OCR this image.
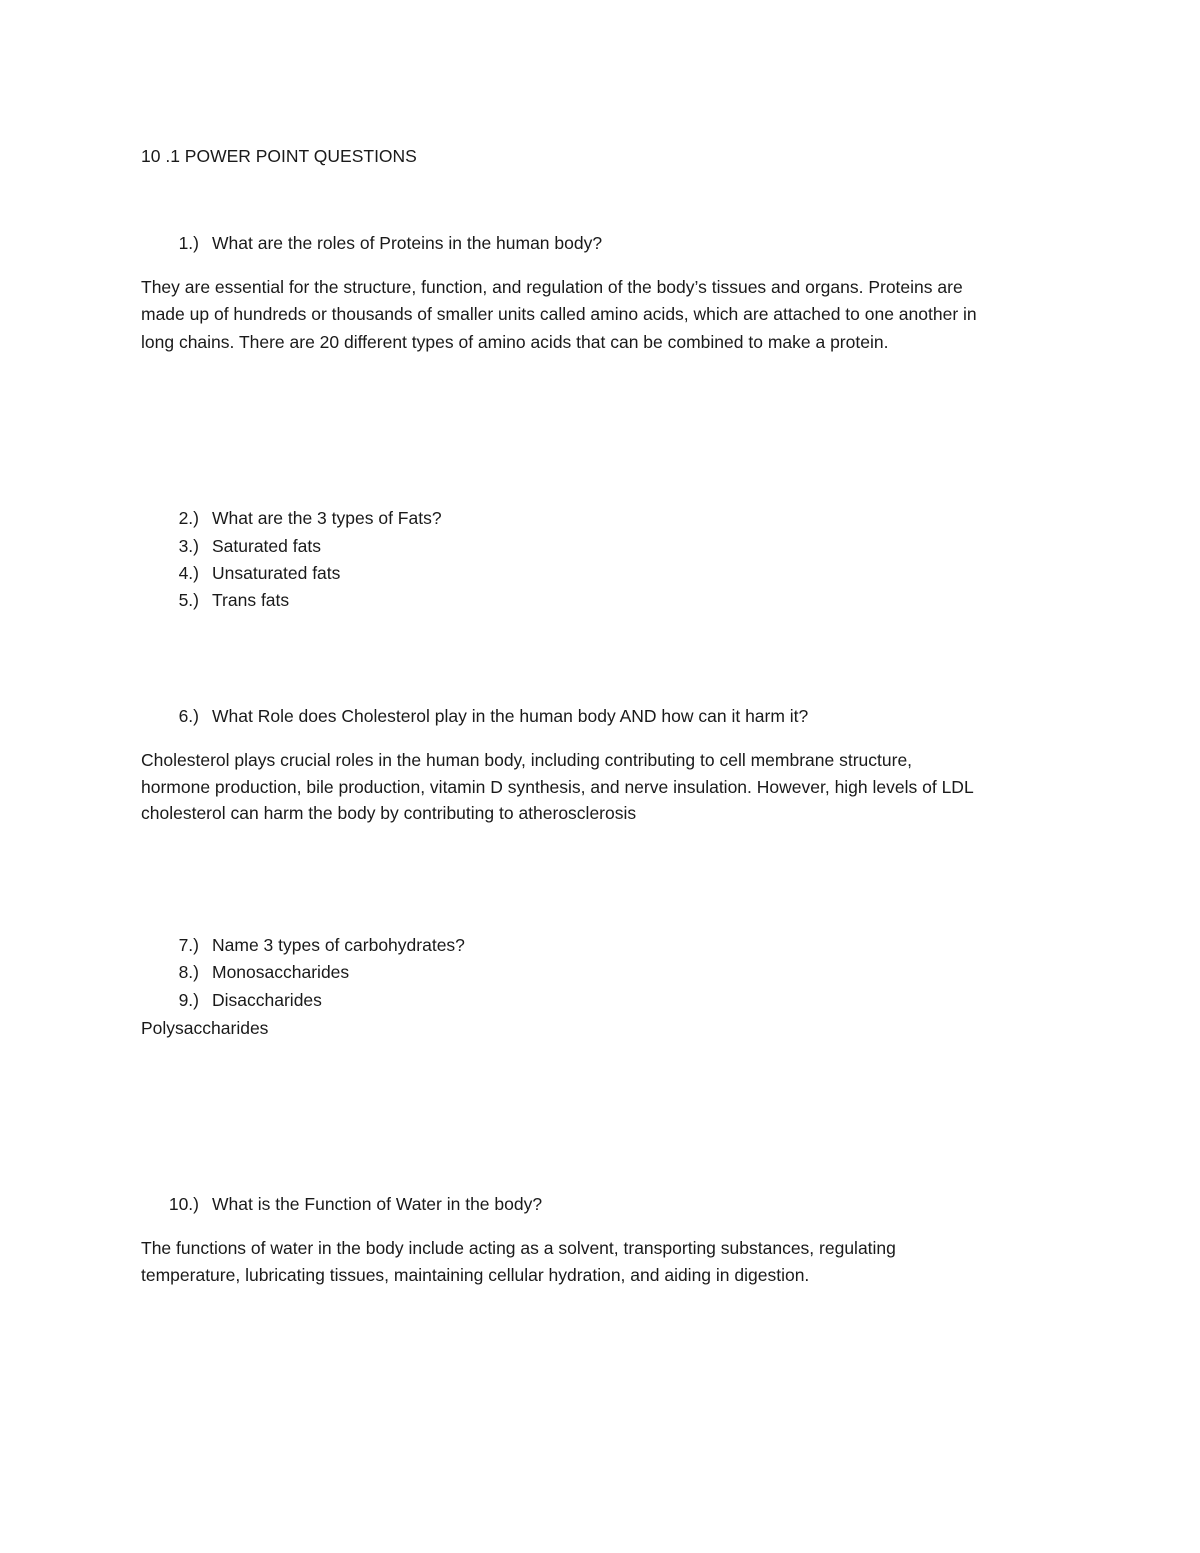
10 .1 POWER POINT QUESTIONS
1.) What are the roles of Proteins in the human body?
They are essential for the structure, function, and regulation of the body’s tissues and organs. Proteins are
made up of hundreds or thousands of smaller units called amino acids, which are attached to one another in
long chains. There are 20 different types of amino acids that can be combined to make a protein.
2.) What are the 3 types of Fats?
3.) Saturated fats
4.) Unsaturated fats
5.) Trans fats
6.) What Role does Cholesterol play in the human body AND how can it harm it?
Cholesterol plays crucial roles in the human body, including contributing to cell membrane structure,
hormone production, bile production, vitamin D synthesis, and nerve insulation. However, high levels of LDL
cholesterol can harm the body by contributing to atherosclerosis
7.) Name 3 types of carbohydrates?
8.) Monosaccharides
9.) Disaccharides
Polysaccharides
10.) What is the Function of Water in the body?
The functions of water in the body include acting as a solvent, transporting substances, regulating
temperature, lubricating tissues, maintaining cellular hydration, and aiding in digestion.
